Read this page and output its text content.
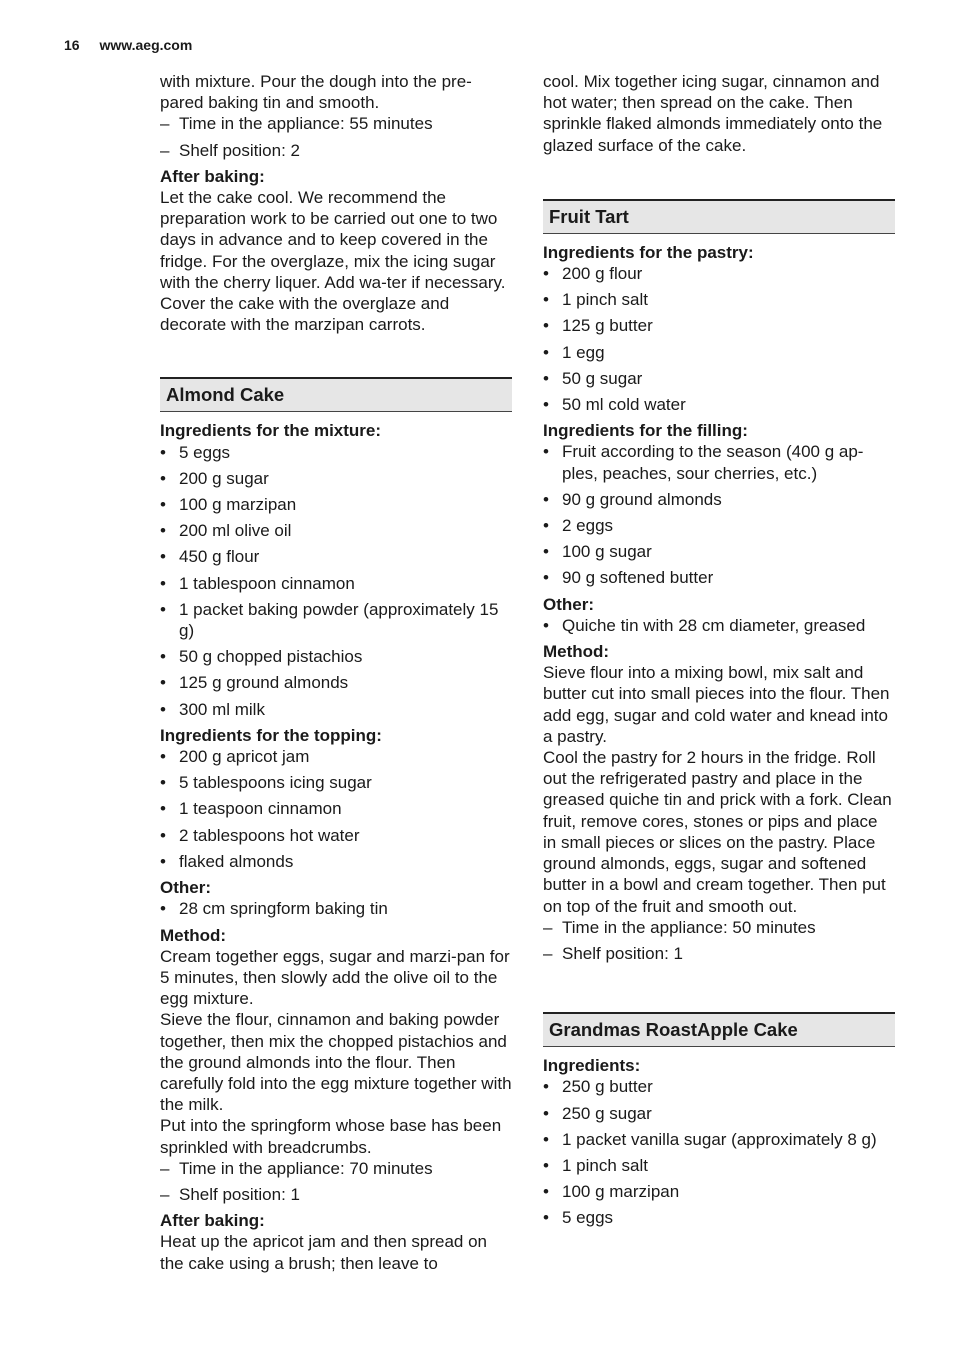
16 www.aeg.com

with mixture. Pour the dough into the pre-pared baking tin and smooth.

– Time in the appliance: 55 minutes
– Shelf position: 2

After baking:

Let the cake cool. We recommend the preparation work to be carried out one to two days in advance and to keep covered in the fridge. For the overglaze, mix the icing sugar with the cherry liquer. Add wa-ter if necessary. Cover the cake with the overglaze and decorate with the marzipan carrots.

Almond Cake

Ingredients for the mixture:

• 5 eggs
• 200 g sugar
• 100 g marzipan
• 200 ml olive oil
• 450 g flour
• 1 tablespoon cinnamon
• 1 packet baking powder (approximately 15 g)
• 50 g chopped pistachios
• 125 g ground almonds
• 300 ml milk

Ingredients for the topping:

• 200 g apricot jam
• 5 tablespoons icing sugar
• 1 teaspoon cinnamon
• 2 tablespoons hot water
• flaked almonds

Other:

• 28 cm springform baking tin

Method:

Cream together eggs, sugar and marzi-pan for 5 minutes, then slowly add the olive oil to the egg mixture.

Sieve the flour, cinnamon and baking powder together, then mix the chopped pistachios and the ground almonds into the flour. Then carefully fold into the egg mixture together with the milk.

Put into the springform whose base has been sprinkled with breadcrumbs.

– Time in the appliance: 70 minutes
– Shelf position: 1

After baking:

Heat up the apricot jam and then spread on the cake using a brush; then leave to

cool. Mix together icing sugar, cinnamon and hot water; then spread on the cake. Then sprinkle flaked almonds immediately onto the glazed surface of the cake.

Fruit Tart

Ingredients for the pastry:

• 200 g flour
• 1 pinch salt
• 125 g butter
• 1 egg
• 50 g sugar
• 50 ml cold water

Ingredients for the filling:

• Fruit according to the season (400 g ap-ples, peaches, sour cherries, etc.)
• 90 g ground almonds
• 2 eggs
• 100 g sugar
• 90 g softened butter

Other:

• Quiche tin with 28 cm diameter, greased

Method:

Sieve flour into a mixing bowl, mix salt and butter cut into small pieces into the flour. Then add egg, sugar and cold water and knead into a pastry.

Cool the pastry for 2 hours in the fridge. Roll out the refrigerated pastry and place in the greased quiche tin and prick with a fork. Clean fruit, remove cores, stones or pips and place in small pieces or slices on the pastry. Place ground almonds, eggs, sugar and softened butter in a bowl and cream together. Then put on top of the fruit and smooth out.

– Time in the appliance: 50 minutes
– Shelf position: 1
Grandmas RoastApple Cake

Ingredients:

• 250 g butter
• 250 g sugar
• 1 packet vanilla sugar (approximately 8 g)
• 1 pinch salt
• 100 g marzipan
• 5 eggs
